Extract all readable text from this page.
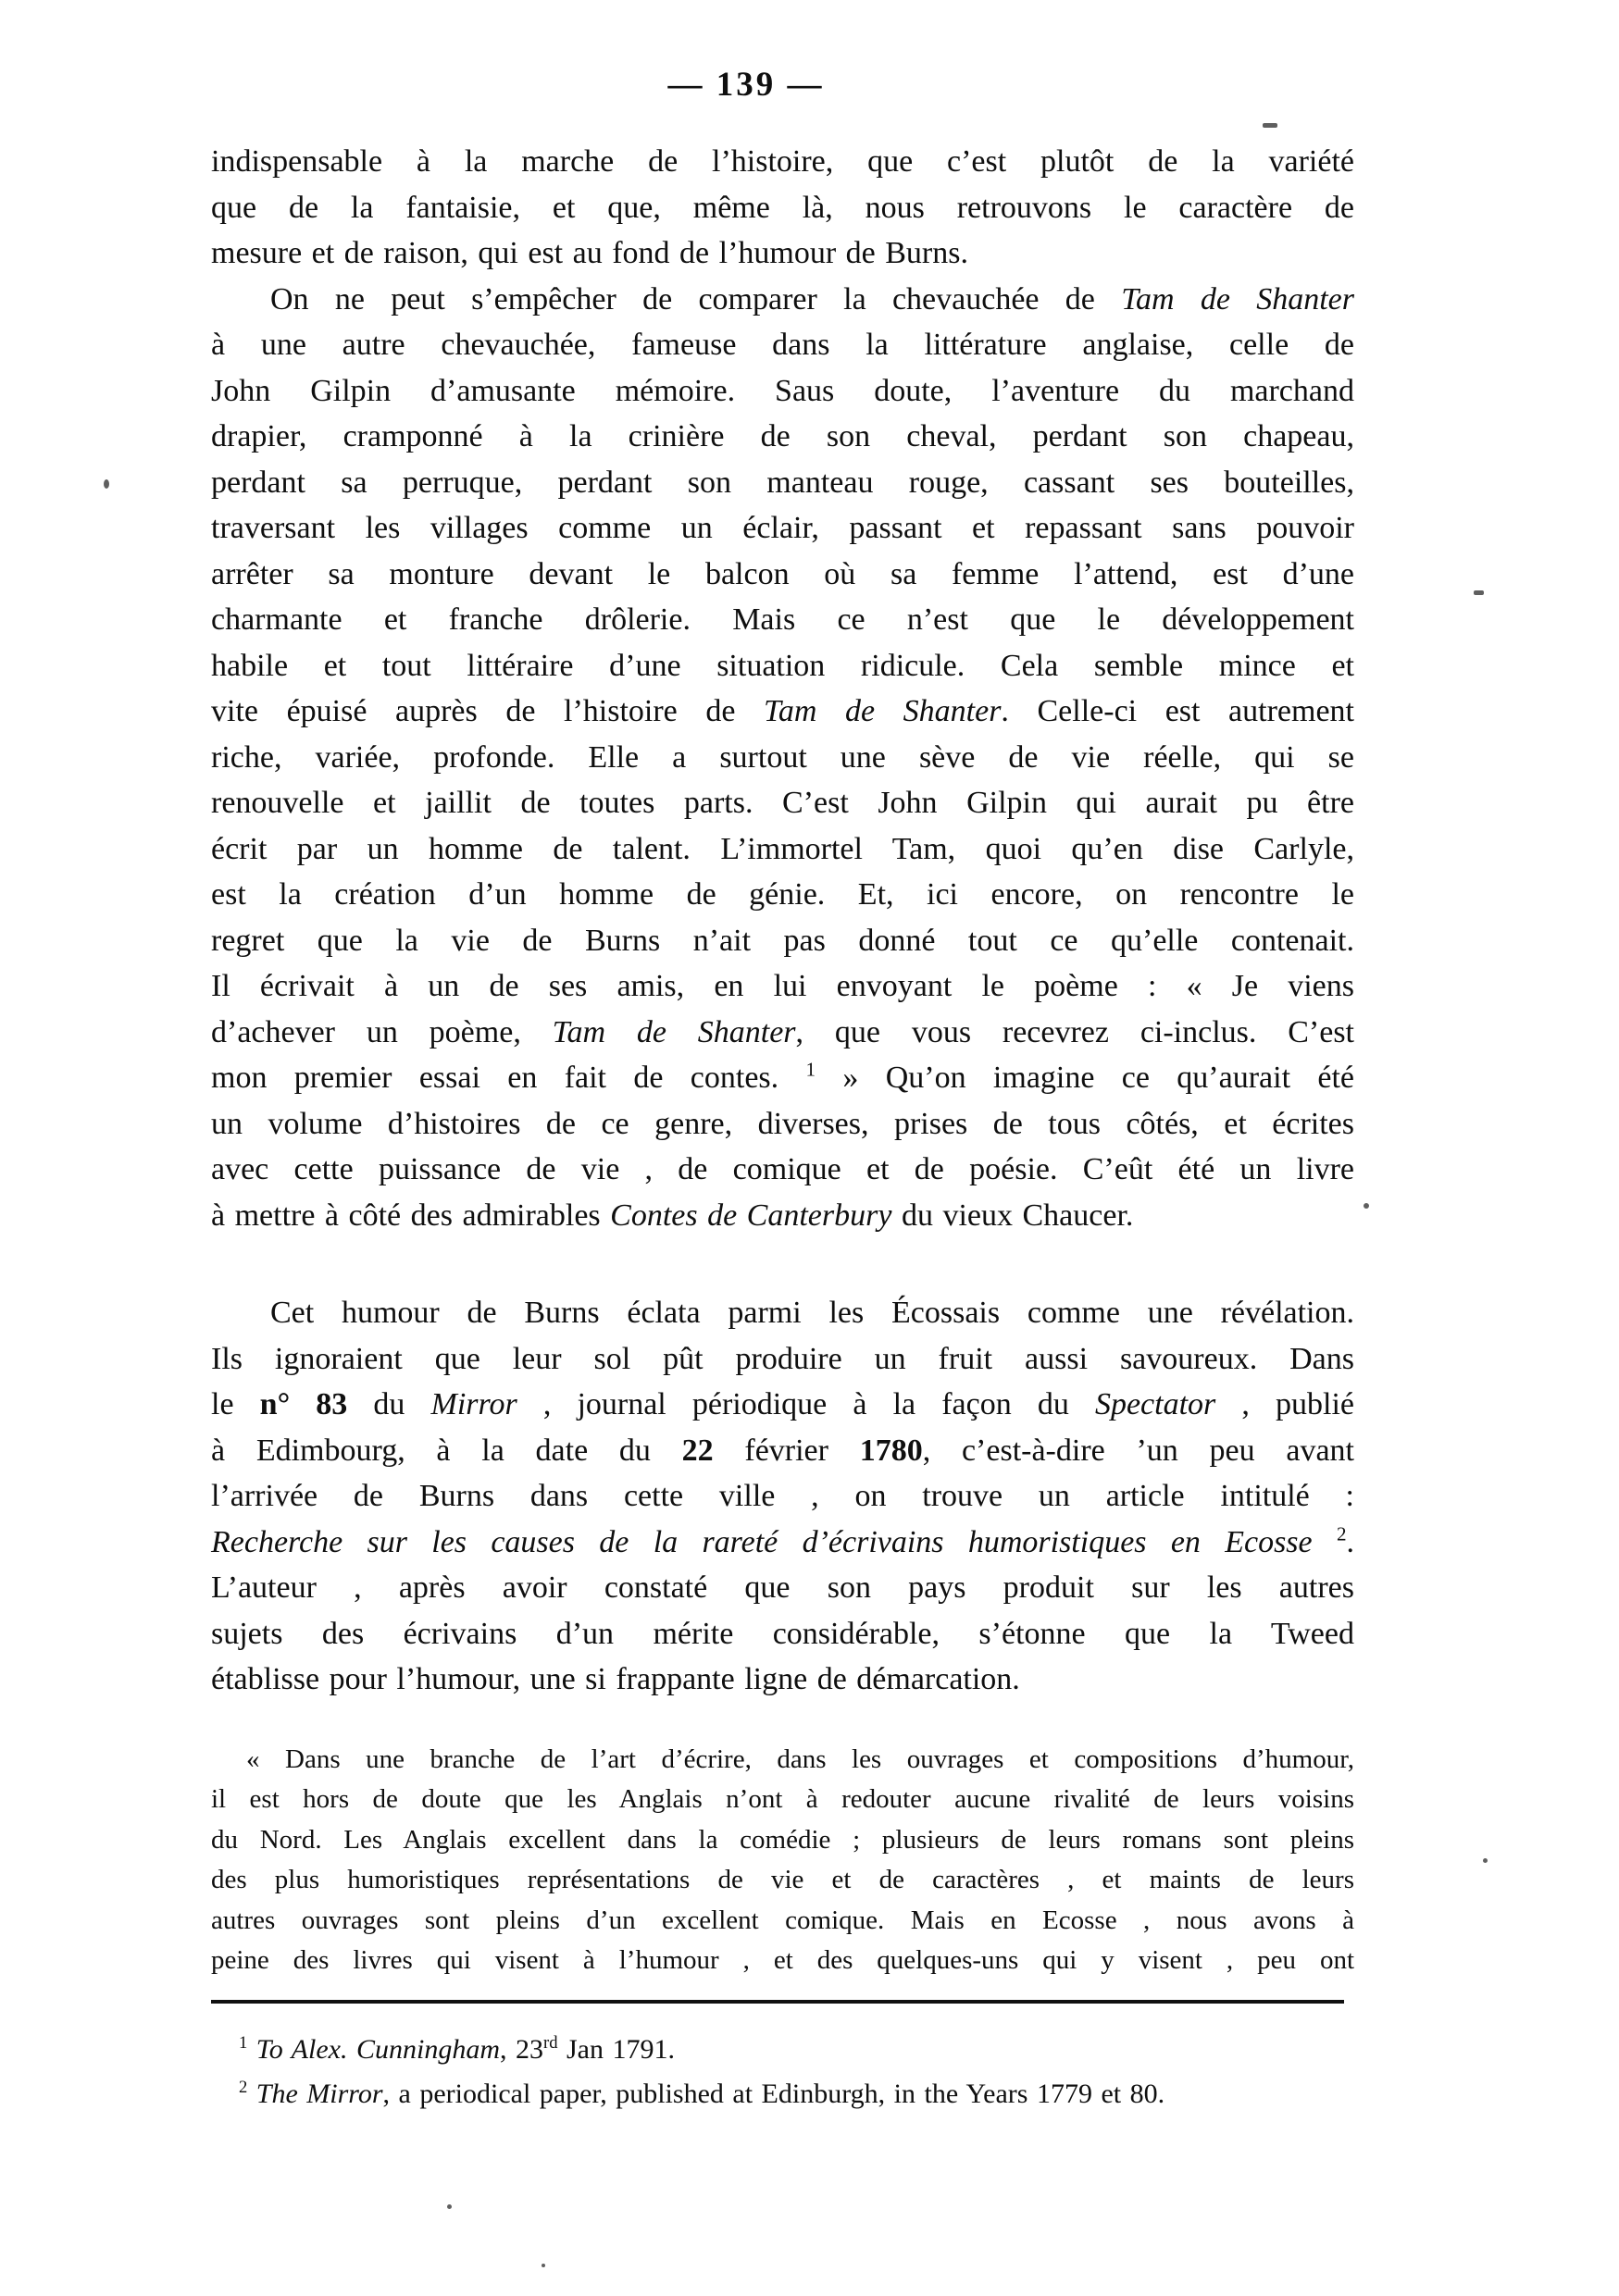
— 139 —
indispensable à la marche de l’histoire, que c’est plutôt de la variété
que de la fantaisie, et que, même là, nous retrouvons le caractère de
mesure et de raison, qui est au fond de l’humour de Burns.
On ne peut s’empêcher de comparer la chevauchée de Tam de Shanter
à une autre chevauchée, fameuse dans la littérature anglaise, celle de
John Gilpin d’amusante mémoire. Saus doute, l’aventure du marchand
drapier, cramponné à la crinière de son cheval, perdant son chapeau,
perdant sa perruque, perdant son manteau rouge, cassant ses bouteilles,
traversant les villages comme un éclair, passant et repassant sans pouvoir
arrêter sa monture devant le balcon où sa femme l’attend, est d’une
charmante et franche drôlerie. Mais ce n’est que le développement
habile et tout littéraire d’une situation ridicule. Cela semble mince et
vite épuisé auprès de l’histoire de Tam de Shanter. Celle-ci est autrement
riche, variée, profonde. Elle a surtout une sève de vie réelle, qui se
renouvelle et jaillit de toutes parts. C’est John Gilpin qui aurait pu être
écrit par un homme de talent. L’immortel Tam, quoi qu’en dise Carlyle,
est la création d’un homme de génie. Et, ici encore, on rencontre le
regret que la vie de Burns n’ait pas donné tout ce qu’elle contenait.
Il écrivait à un de ses amis, en lui envoyant le poème : « Je viens
d’achever un poème, Tam de Shanter, que vous recevrez ci-inclus. C’est
mon premier essai en fait de contes. $^1$ » Qu’on imagine ce qu’aurait été
un volume d’histoires de ce genre, diverses, prises de tous côtés, et écrites
avec cette puissance de vie , de comique et de poésie. C’eût été un livre
à mettre à côté des admirables Contes de Canterbury du vieux Chaucer.
Cet humour de Burns éclata parmi les Écossais comme une révélation.
Ils ignoraient que leur sol pût produire un fruit aussi savoureux. Dans
le n° 83 du Mirror , journal périodique à la façon du Spectator , publié
à Edimbourg, à la date du 22 février 1780, c’est-à-dire ’un peu avant
l’arrivée de Burns dans cette ville , on trouve un article intitulé :
Recherche sur les causes de la rareté d’écrivains humoristiques en Ecosse $^2$.
L’auteur , après avoir constaté que son pays produit sur les autres
sujets des écrivains d’un mérite considérable, s’étonne que la Tweed
établisse pour l’humour, une si frappante ligne de démarcation.
« Dans une branche de l’art d’écrire, dans les ouvrages et compositions d’humour,
il est hors de doute que les Anglais n’ont à redouter aucune rivalité de leurs voisins
du Nord. Les Anglais excellent dans la comédie ; plusieurs de leurs romans sont pleins
des plus humoristiques représentations de vie et de caractères , et maints de leurs
autres ouvrages sont pleins d’un excellent comique. Mais en Ecosse , nous avons à
peine des livres qui visent à l’humour , et des quelques-uns qui y visent , peu ont
$^1$ To Alex. Cunningham, 23rd Jan 1791.
$^2$ The Mirror, a periodical paper, published at Edinburgh, in the Years 1779 et 80.
